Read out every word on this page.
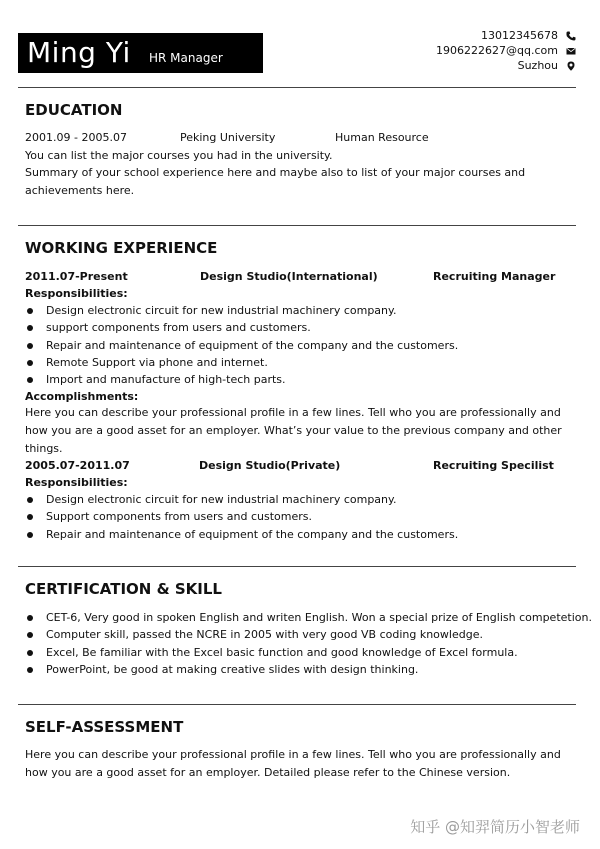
Ming Yi HR Manager
13012345678
1906222627@qq.com
Suzhou
EDUCATION
2001.09 - 2005.07	Peking University	Human Resource
You can list the major courses you had in the university.
Summary of your school experience here and maybe also to list of your major courses and achievements here.
WORKING EXPERIENCE
2011.07-Present	Design Studio(International)	Recruiting Manager
Responsibilities:
Design electronic circuit for new industrial machinery company.
support components from users and customers.
Repair and maintenance of equipment of the company and the customers.
Remote Support via phone and internet.
Import and manufacture of high-tech parts.
Accomplishments:
Here you can describe your professional profile in a few lines. Tell who you are professionally and how you are a good asset for an employer. What’s your value to the previous company and other things.
2005.07-2011.07	Design Studio(Private)	Recruiting Specilist
Responsibilities:
Design electronic circuit for new industrial machinery company.
Support components from users and customers.
Repair and maintenance of equipment of the company and the customers.
CERTIFICATION & SKILL
CET-6, Very good in spoken English and writen English. Won a special prize of English competetion.
Computer skill, passed the NCRE in 2005 with very good VB coding knowledge.
Excel, Be familiar with the Excel basic function and good knowledge of Excel formula.
PowerPoint, be good at making creative slides with design thinking.
SELF-ASSESSMENT
Here you can describe your professional profile in a few lines. Tell who you are professionally and how you are a good asset for an employer. Detailed please refer to the Chinese version.
知乎 @知羿简历小智老师
